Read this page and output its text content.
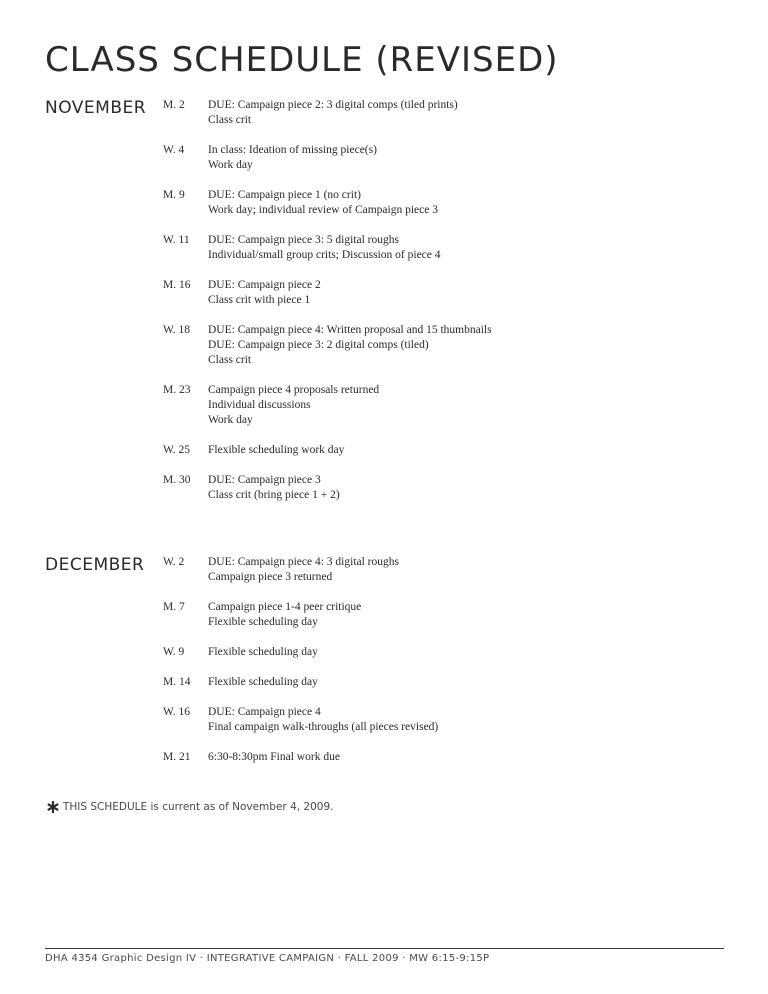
CLASS SCHEDULE (REVISED)
NOVEMBER M. 2	DUE: Campaign piece 2: 3 digital comps (tiled prints)
Class crit
W. 4	In class: Ideation of missing piece(s)
Work day
M. 9	DUE: Campaign piece 1 (no crit)
Work day; individual review of Campaign piece 3
W. 11	DUE: Campaign piece 3: 5 digital roughs
Individual/small group crits; Discussion of piece 4
M. 16	DUE: Campaign piece 2
Class crit with piece 1
W. 18	DUE: Campaign piece 4: Written proposal and 15 thumbnails
DUE: Campaign piece 3: 2 digital comps (tiled)
Class crit
M. 23	Campaign piece 4 proposals returned
Individual discussions
Work day
W. 25	Flexible scheduling work day
M. 30	DUE: Campaign piece 3
Class crit (bring piece 1 + 2)
DECEMBER W. 2	DUE: Campaign piece 4: 3 digital roughs
Campaign piece 3 returned
M. 7	Campaign piece 1-4 peer critique
Flexible scheduling day
W. 9	Flexible scheduling day
M. 14	Flexible scheduling day
W. 16	DUE: Campaign piece 4
Final campaign walk-throughs (all pieces revised)
M. 21	6:30-8:30pm Final work due
∗ THIS SCHEDULE is current as of November 4, 2009.
DHA 4354 Graphic Design IV · INTEGRATIVE CAMPAIGN · FALL 2009 · MW 6:15-9:15P
